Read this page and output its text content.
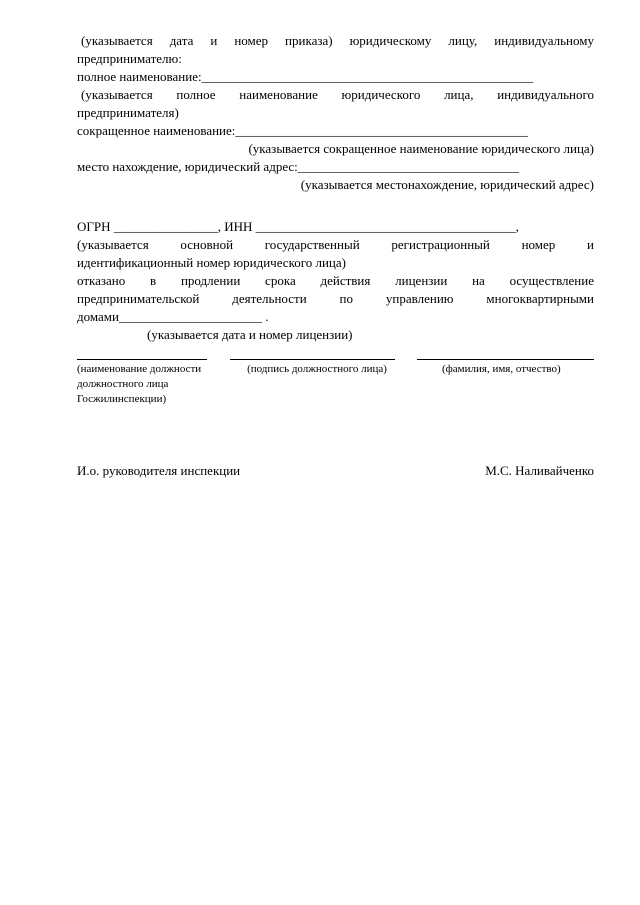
(указывается дата и номер приказа) юридическому лицу, индивидуальному
предпринимателю:
полное наименование:___________________________________________________
(указывается полное наименование юридического лица, индивидуального
предпринимателя)
сокращенное наименование:_____________________________________________
(указывается сокращенное наименование юридического лица)
место нахождение, юридический адрес:__________________________________
(указывается местонахождение, юридический адрес)
ОГРН ________________, ИНН ________________________________________,
(указывается основной государственный регистрационный номер и
идентификационный номер юридического лица)
отказано в продлении срока действия лицензии на осуществление
предпринимательской деятельности по управлению многоквартирными
домами______________________ .
(указывается дата и номер лицензии)
(наименование должности должностного лица Госжилинспекции)
(подпись должностного лица)	(фамилия, имя, отчество)
И.о. руководителя инспекции	М.С. Наливайченко
